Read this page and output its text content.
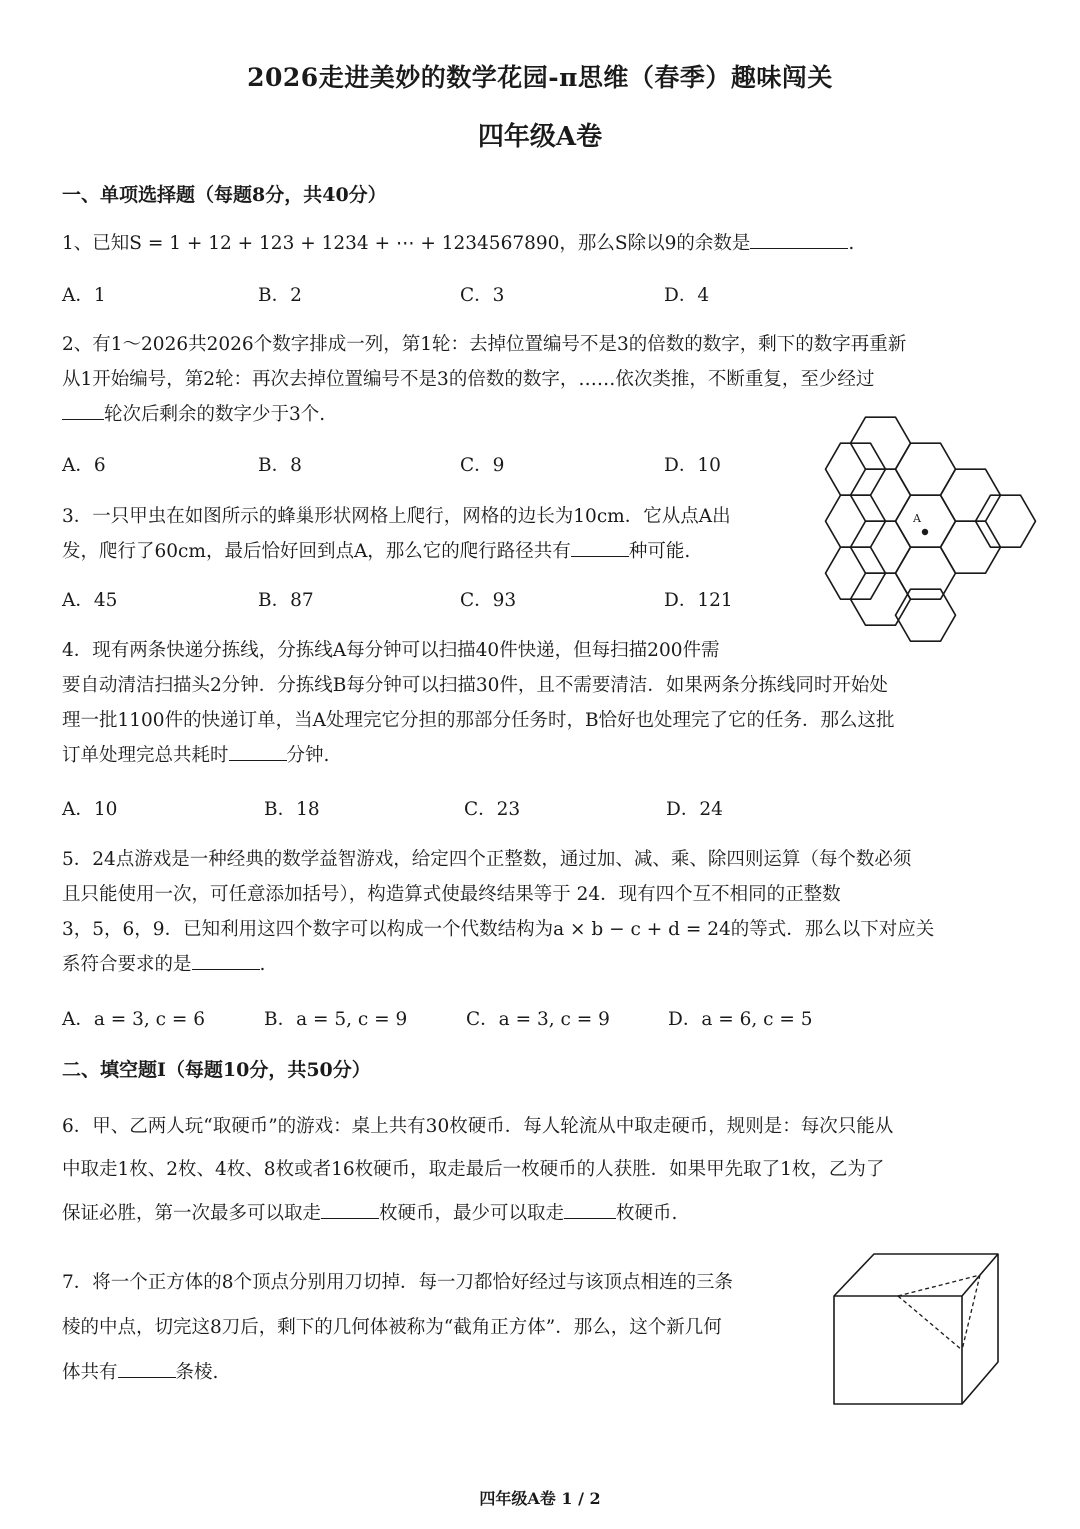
2026走进美妙的数学花园-π思维（春季）趣味闯关
四年级A卷
一、单项选择题（每题8分，共40分）
1、已知S = 1 + 12 + 123 + 1234 + ⋯ + 1234567890，那么S除以9的余数是	.
A．1	B．2	C．3	D．4
2、有1～2026共2026个数字排成一列，第1轮：去掉位置编号不是3的倍数的数字，剩下的数字再重新
从1开始编号，第2轮：再次去掉位置编号不是3的倍数的数字，……依次类推，不断重复，至少经过
轮次后剩余的数字少于3个.
A．6	B．8	C．9	D．10
3．一只甲虫在如图所示的蜂巢形状网格上爬行，网格的边长为10cm．它从点A出
发，爬行了60cm，最后恰好回到点A，那么它的爬行路径共有	种可能.
A．45	B．87	C．93	D．121
A
4．现有两条快递分拣线，分拣线A每分钟可以扫描40件快递，但每扫描200件需
要自动清洁扫描头2分钟．分拣线B每分钟可以扫描30件，且不需要清洁．如果两条分拣线同时开始处
理一批1100件的快递订单，当A处理完它分担的那部分任务时，B恰好也处理完了它的任务．那么这批
订单处理完总共耗时	分钟.
A．10	B．18	C．23	D．24
5．24点游戏是一种经典的数学益智游戏，给定四个正整数，通过加、减、乘、除四则运算（每个数必须
且只能使用一次，可任意添加括号），构造算式使最终结果等于 24．现有四个互不相同的正整数
3，5，6，9．已知利用这四个数字可以构成一个代数结构为a × b − c + d = 24的等式．那么以下对应关
系符合要求的是	.
A．a = 3, c = 6	B．a = 5, c = 9	C．a = 3, c = 9	D．a = 6, c = 5
二、填空题Ⅰ（每题10分，共50分）
6．甲、乙两人玩“取硬币”的游戏：桌上共有30枚硬币．每人轮流从中取走硬币，规则是：每次只能从
中取走1枚、2枚、4枚、8枚或者16枚硬币，取走最后一枚硬币的人获胜．如果甲先取了1枚，乙为了
保证必胜，第一次最多可以取走	枚硬币，最少可以取走	枚硬币.
7．将一个正方体的8个顶点分别用刀切掉．每一刀都恰好经过与该顶点相连的三条
棱的中点，切完这8刀后，剩下的几何体被称为“截角正方体”．那么，这个新几何
体共有	条棱.
四年级A卷 1 / 2
